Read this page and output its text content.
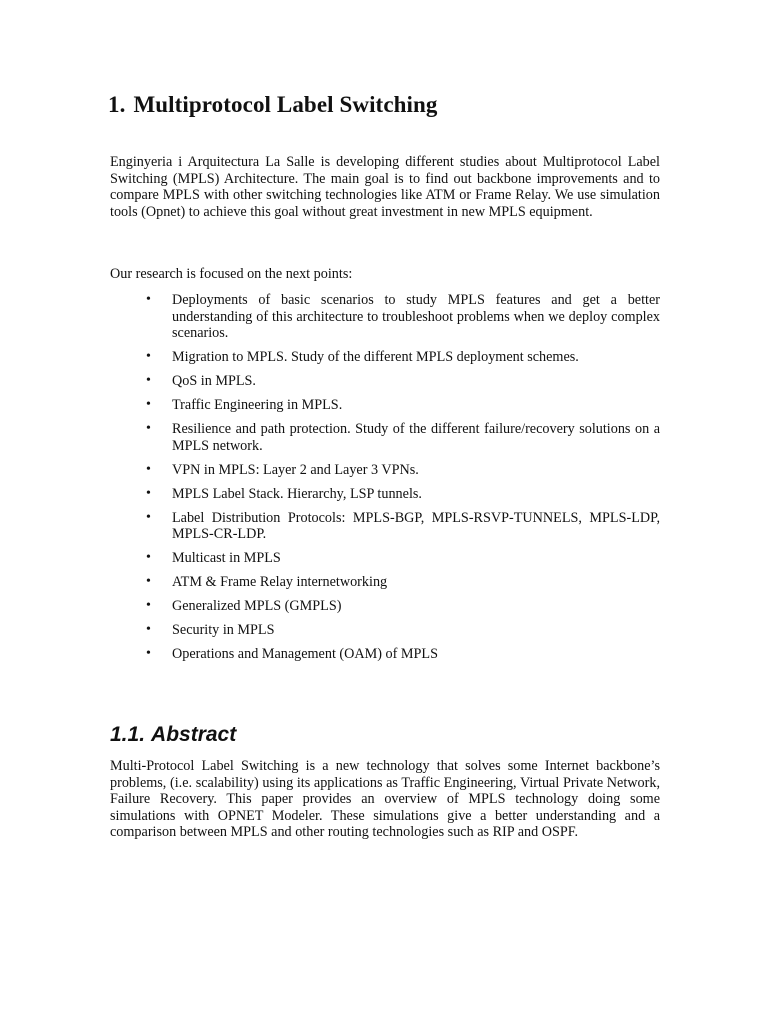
1. Multiprotocol Label Switching

Enginyeria i Arquitectura La Salle is developing different studies about Multiprotocol Label Switching (MPLS) Architecture. The main goal is to find out backbone improvements and to compare MPLS with other switching technologies like ATM or Frame Relay. We use simulation tools (Opnet) to achieve this goal without great investment in new MPLS equipment.

Our research is focused on the next points:

• Deployments of basic scenarios to study MPLS features and get a better understanding of this architecture to troubleshoot problems when we deploy complex scenarios.
• Migration to MPLS. Study of the different MPLS deployment schemes.
• QoS in MPLS.
• Traffic Engineering in MPLS.
• Resilience and path protection. Study of the different failure/recovery solutions on a MPLS network.
• VPN in MPLS: Layer 2 and Layer 3 VPNs.
• MPLS Label Stack. Hierarchy, LSP tunnels.
• Label Distribution Protocols: MPLS-BGP, MPLS-RSVP-TUNNELS, MPLS-LDP, MPLS-CR-LDP.
• Multicast in MPLS
• ATM & Frame Relay internetworking
• Generalized MPLS (GMPLS)
• Security in MPLS
• Operations and Management (OAM) of MPLS
1.1. Abstract

Multi-Protocol Label Switching is a new technology that solves some Internet backbone’s problems, (i.e. scalability) using its applications as Traffic Engineering, Virtual Private Network, Failure Recovery. This paper provides an overview of MPLS technology doing some simulations with OPNET Modeler. These simulations give a better understanding and a comparison between MPLS and other routing technologies such as RIP and OSPF.
